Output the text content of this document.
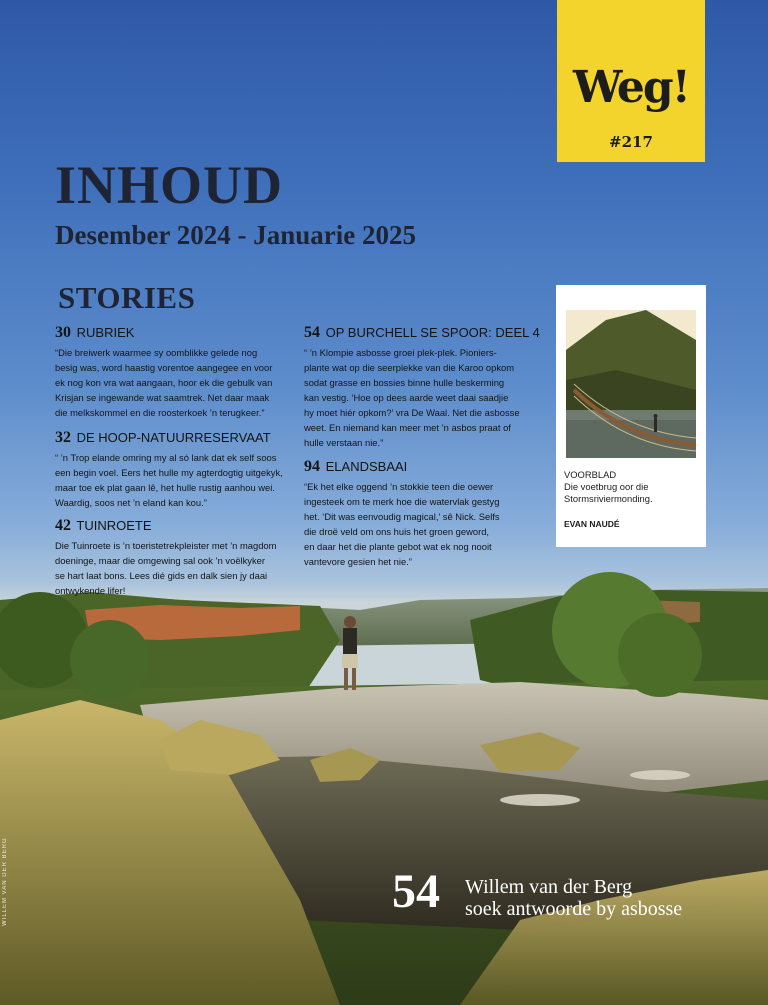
Weg!
#217
INHOUD
Desember 2024 - Januarie 2025
STORIES
30 RUBRIEK
“Die breiwerk waarmee sy oomblikke gelede nog
besig was, word haastig vorentoe aangegee en voor
ek nog kon vra wat aangaan, hoor ek die gebulk van
Krisjan se ingewande wat saamtrek. Net daar maak
die melkskommel en die roosterkoek ’n terugkeer.”
32 DE HOOP-NATUURRESERVAAT
“ ’n Trop elande omring my al só lank dat ek self soos
een begin voel. Eers het hulle my agterdogtig uitgekyk,
maar toe ek plat gaan lê, het hulle rustig aanhou wei.
Waardig, soos net ’n eland kan kou.”
42 TUINROETE
Die Tuinroete is ’n toeristetrekpleister met ’n magdom
doeninge, maar die omgewing sal ook ’n voëlkyker
se hart laat bons. Lees dié gids en dalk sien jy daai
ontwykende lifer!
54 OP BURCHELL SE SPOOR: DEEL 4
“ ’n Klompie asbosse groei plek-plek. Pioniers-
plante wat op die seerplekke van die Karoo opkom
sodat grasse en bossies binne hulle beskerming
kan vestig. ‘Hoe op dees aarde weet daai saadjie
hy moet hiér opkom?’ vra De Waal. Net die asbosse
weet. En niemand kan meer met ’n asbos praat of
hulle verstaan nie.”
94 ELANDSBAAI
“Ek het elke oggend ’n stokkie teen die oewer
ingesteek om te merk hoe die watervlak gestyg
het. ‘Dit was eenvoudig magical,’ sê Nick. Selfs
die droë veld om ons huis het groen geword,
en daar het die plante gebot wat ek nog nooit
vantevore gesien het nie.”
VOORBLAD
Die voetbrug oor die
Stormsriviermonding.
EVAN NAUDÉ
54 Willem van der Berg
soek antwoorde by asbosse
WILLEM VAN DER BERG
